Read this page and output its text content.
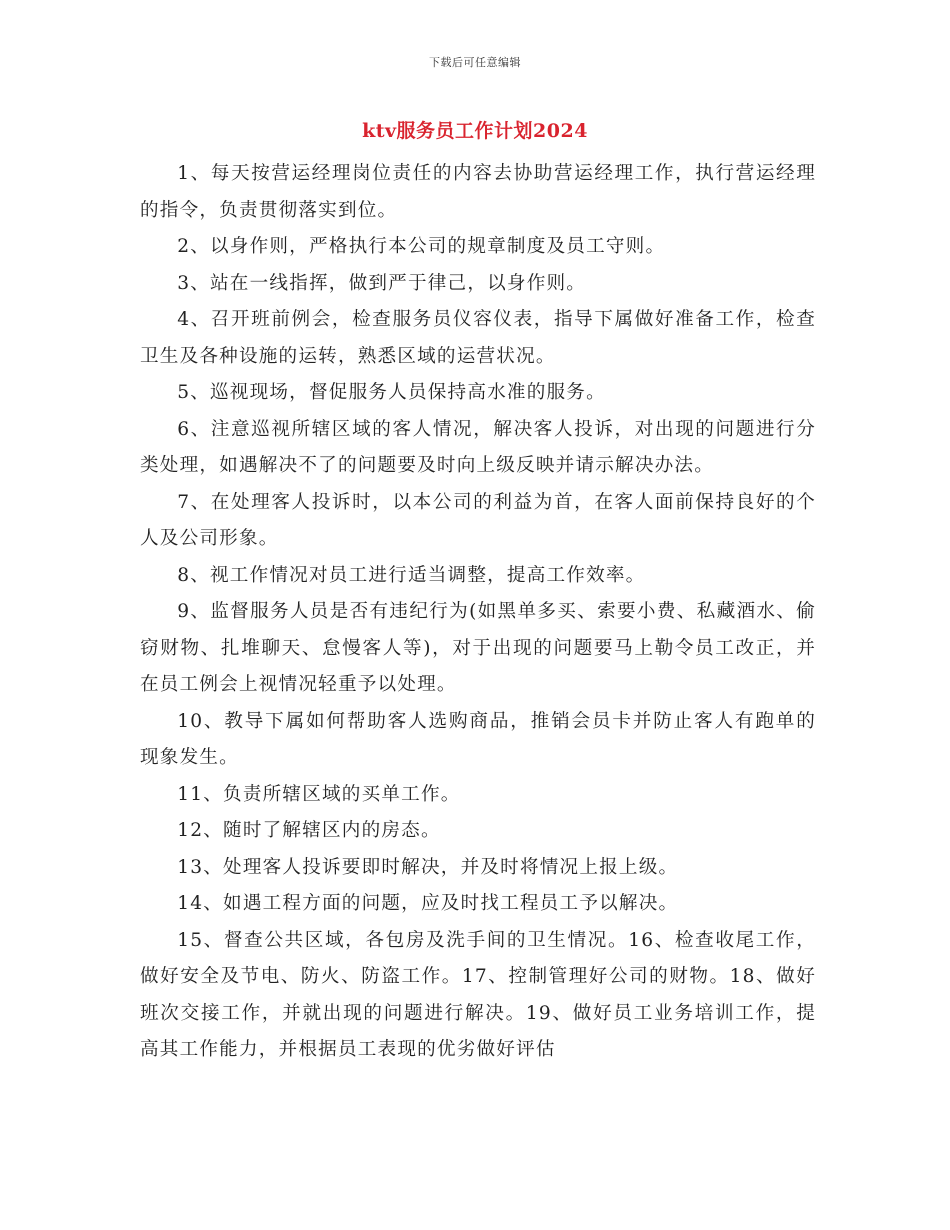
下载后可任意编辑
ktv服务员工作计划2024

1、每天按营运经理岗位责任的内容去协助营运经理工作，执行营运经理的指令，负责贯彻落实到位。

2、以身作则，严格执行本公司的规章制度及员工守则。

3、站在一线指挥，做到严于律己，以身作则。

4、召开班前例会，检查服务员仪容仪表，指导下属做好准备工作，检查卫生及各种设施的运转，熟悉区域的运营状况。

5、巡视现场，督促服务人员保持高水准的服务。

6、注意巡视所辖区域的客人情况，解决客人投诉，对出现的问题进行分类处理，如遇解决不了的问题要及时向上级反映并请示解决办法。

7、在处理客人投诉时，以本公司的利益为首，在客人面前保持良好的个人及公司形象。

8、视工作情况对员工进行适当调整，提高工作效率。

9、监督服务人员是否有违纪行为(如黑单多买、索要小费、私藏酒水、偷窃财物、扎堆聊天、怠慢客人等)，对于出现的问题要马上勒令员工改正，并在员工例会上视情况轻重予以处理。

10、教导下属如何帮助客人选购商品，推销会员卡并防止客人有跑单的现象发生。

11、负责所辖区域的买单工作。

12、随时了解辖区内的房态。

13、处理客人投诉要即时解决，并及时将情况上报上级。

14、如遇工程方面的问题，应及时找工程员工予以解决。

15、督查公共区域，各包房及洗手间的卫生情况。16、检查收尾工作，做好安全及节电、防火、防盗工作。17、控制管理好公司的财物。18、做好班次交接工作，并就出现的问题进行解决。19、做好员工业务培训工作，提高其工作能力，并根据员工表现的优劣做好评估
